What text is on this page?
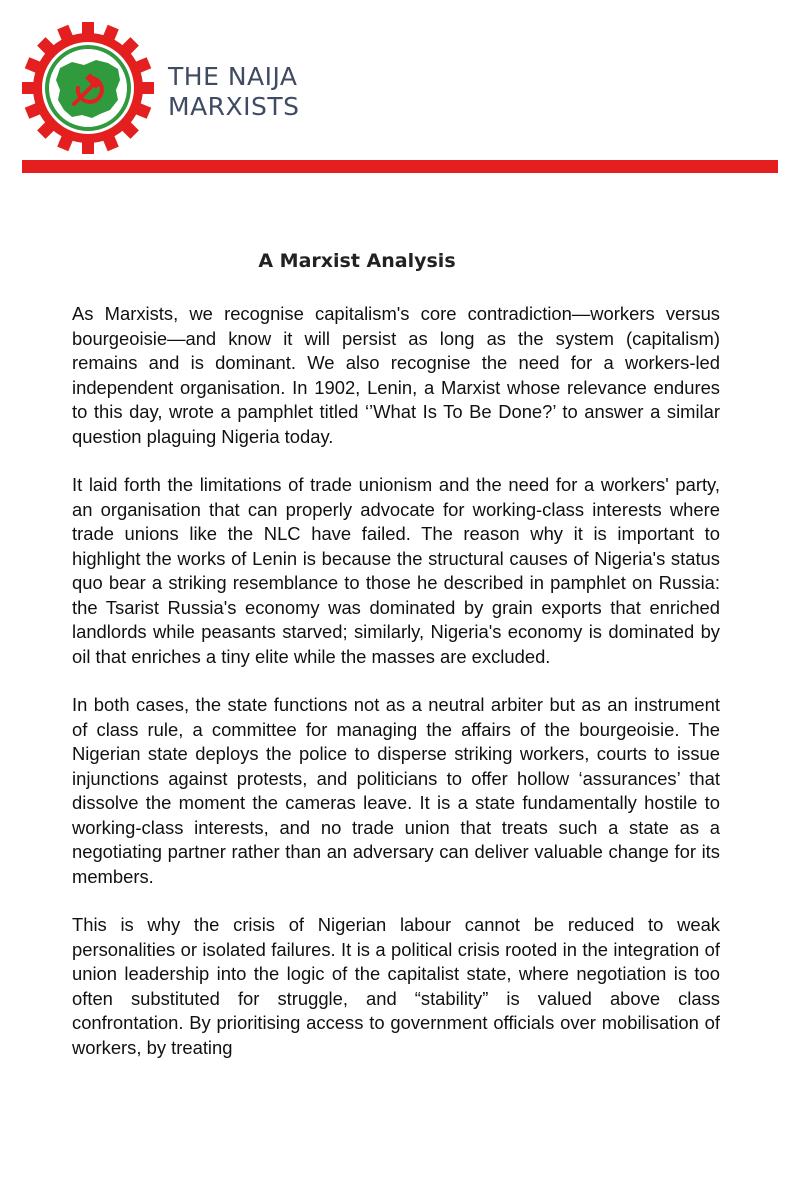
THE NAIJA
MARXISTS
A Marxist Analysis

As Marxists, we recognise capitalism's core contradiction—workers versus bourgeoisie—and know it will persist as long as the system (capitalism) remains and is dominant. We also recognise the need for a workers-led independent organisation. In 1902, Lenin, a Marxist whose relevance endures to this day, wrote a pamphlet titled ‘’What Is To Be Done?’ to answer a similar question plaguing Nigeria today.

It laid forth the limitations of trade unionism and the need for a workers' party, an organisation that can properly advocate for working-class interests where trade unions like the NLC have failed. The reason why it is important to highlight the works of Lenin is because the structural causes of Nigeria's status quo bear a striking resemblance to those he described in pamphlet on Russia: the Tsarist Russia's economy was dominated by grain exports that enriched landlords while peasants starved; similarly, Nigeria's economy is dominated by oil that enriches a tiny elite while the masses are excluded.

In both cases, the state functions not as a neutral arbiter but as an instrument of class rule, a committee for managing the affairs of the bourgeoisie. The Nigerian state deploys the police to disperse striking workers, courts to issue injunctions against protests, and politicians to offer hollow ‘assurances’ that dissolve the moment the cameras leave. It is a state fundamentally hostile to working-class interests, and no trade union that treats such a state as a negotiating partner rather than an adversary can deliver valuable change for its members.

This is why the crisis of Nigerian labour cannot be reduced to weak personalities or isolated failures. It is a political crisis rooted in the integration of union leadership into the logic of the capitalist state, where negotiation is too often substituted for struggle, and “stability” is valued above class confrontation. By prioritising access to government officials over mobilisation of workers, by treating
